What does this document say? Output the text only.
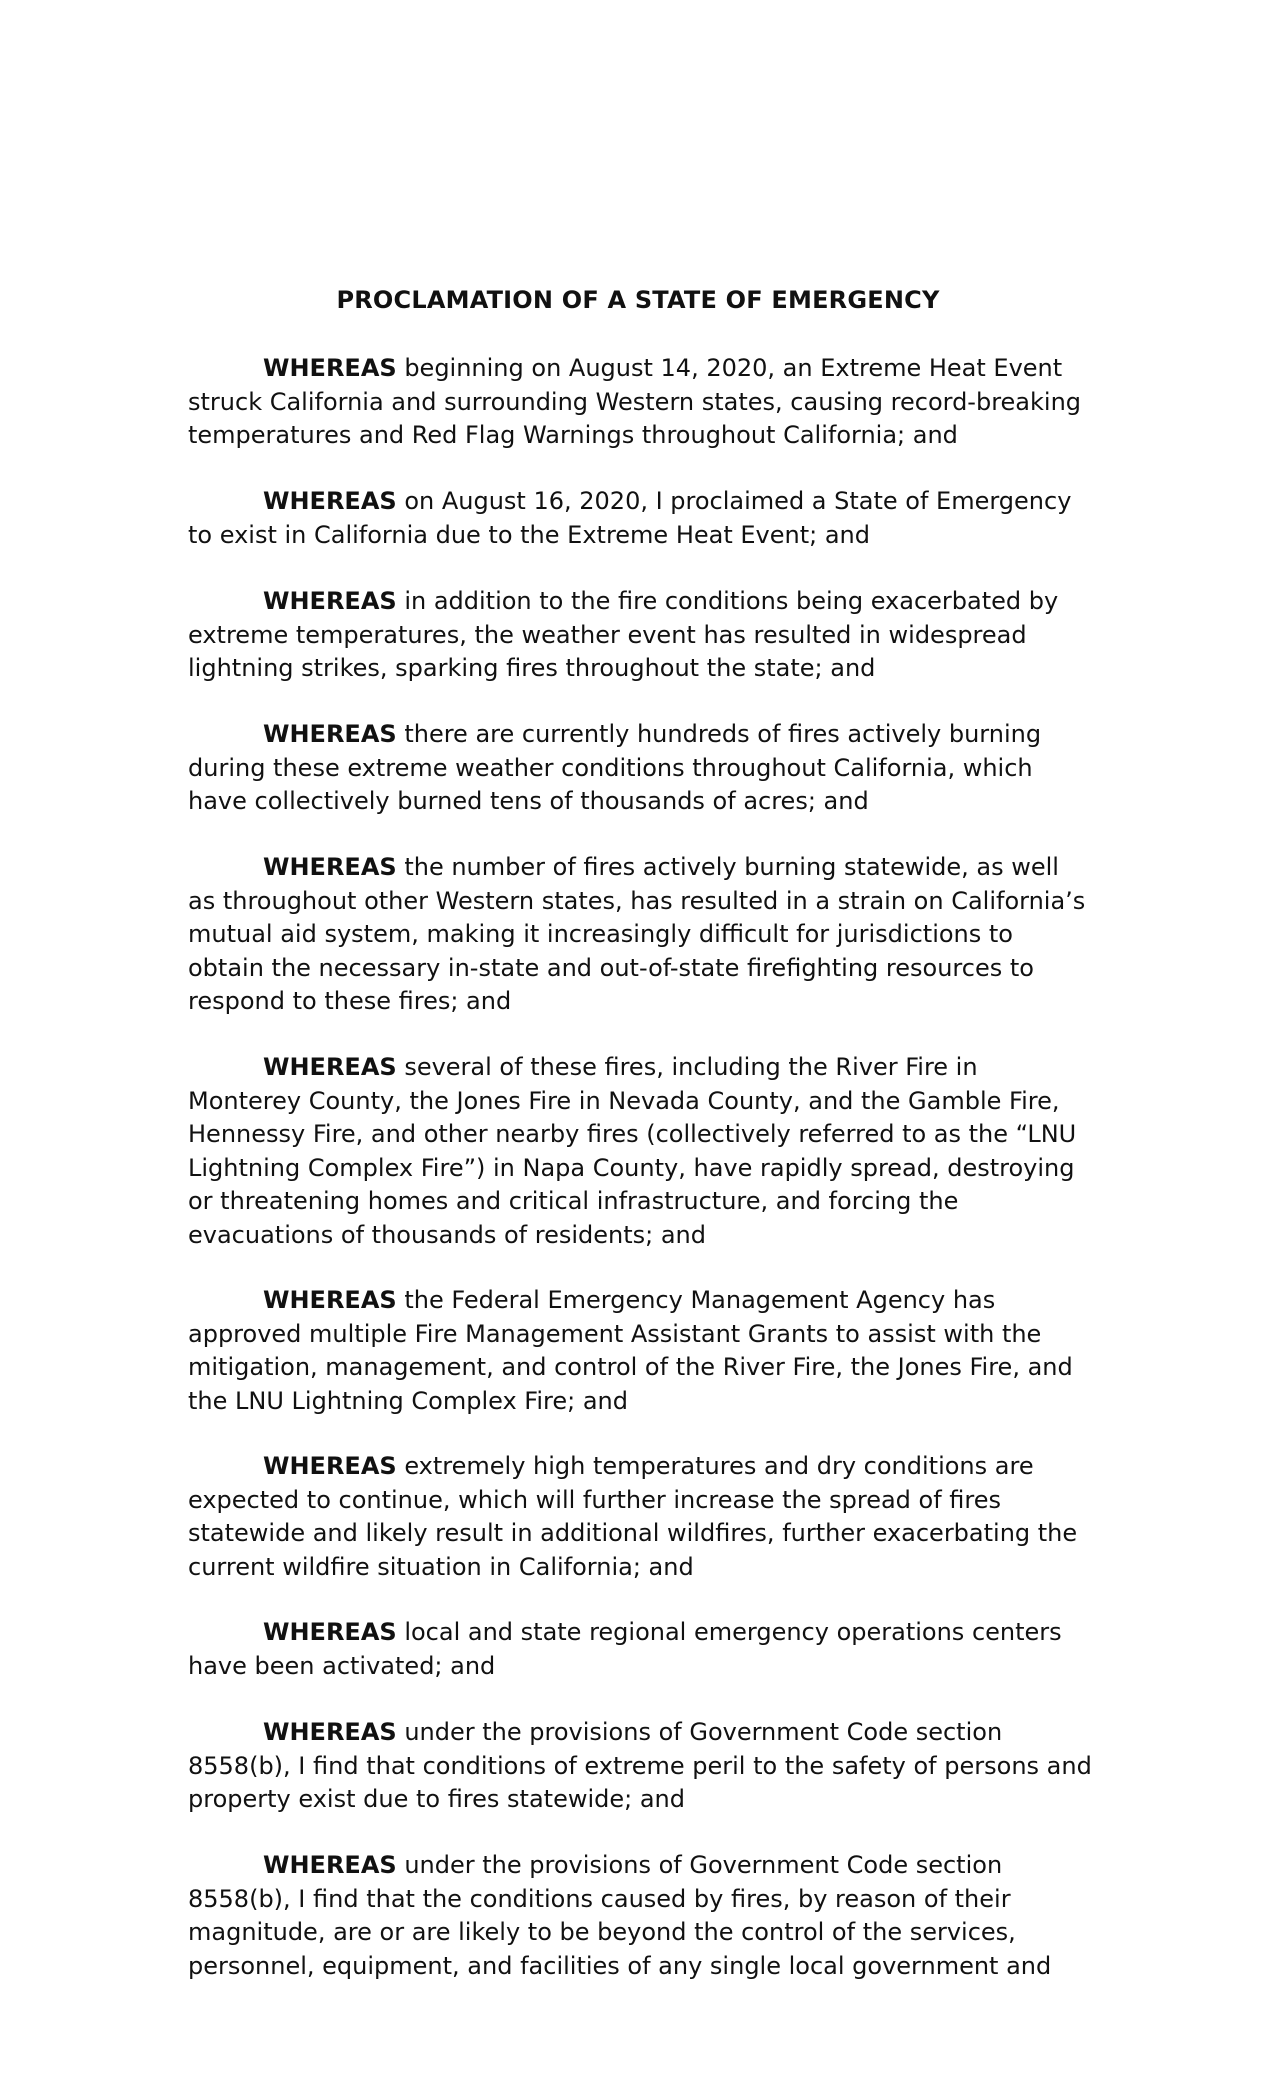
PROCLAMATION OF A STATE OF EMERGENCY

WHEREAS beginning on August 14, 2020, an Extreme Heat Event struck California and surrounding Western states, causing record-breaking temperatures and Red Flag Warnings throughout California; and

WHEREAS on August 16, 2020, I proclaimed a State of Emergency to exist in California due to the Extreme Heat Event; and

WHEREAS in addition to the fire conditions being exacerbated by extreme temperatures, the weather event has resulted in widespread lightning strikes, sparking fires throughout the state; and

WHEREAS there are currently hundreds of fires actively burning during these extreme weather conditions throughout California, which have collectively burned tens of thousands of acres; and

WHEREAS the number of fires actively burning statewide, as well as throughout other Western states, has resulted in a strain on California’s mutual aid system, making it increasingly difficult for jurisdictions to obtain the necessary in-state and out-of-state firefighting resources to respond to these fires; and

WHEREAS several of these fires, including the River Fire in Monterey County, the Jones Fire in Nevada County, and the Gamble Fire, Hennessy Fire, and other nearby fires (collectively referred to as the “LNU Lightning Complex Fire”) in Napa County, have rapidly spread, destroying or threatening homes and critical infrastructure, and forcing the evacuations of thousands of residents; and

WHEREAS the Federal Emergency Management Agency has approved multiple Fire Management Assistant Grants to assist with the mitigation, management, and control of the River Fire, the Jones Fire, and the LNU Lightning Complex Fire; and

WHEREAS extremely high temperatures and dry conditions are expected to continue, which will further increase the spread of fires statewide and likely result in additional wildfires, further exacerbating the current wildfire situation in California; and

WHEREAS local and state regional emergency operations centers have been activated; and

WHEREAS under the provisions of Government Code section 8558(b), I find that conditions of extreme peril to the safety of persons and property exist due to fires statewide; and

WHEREAS under the provisions of Government Code section 8558(b), I find that the conditions caused by fires, by reason of their magnitude, are or are likely to be beyond the control of the services, personnel, equipment, and facilities of any single local government and
